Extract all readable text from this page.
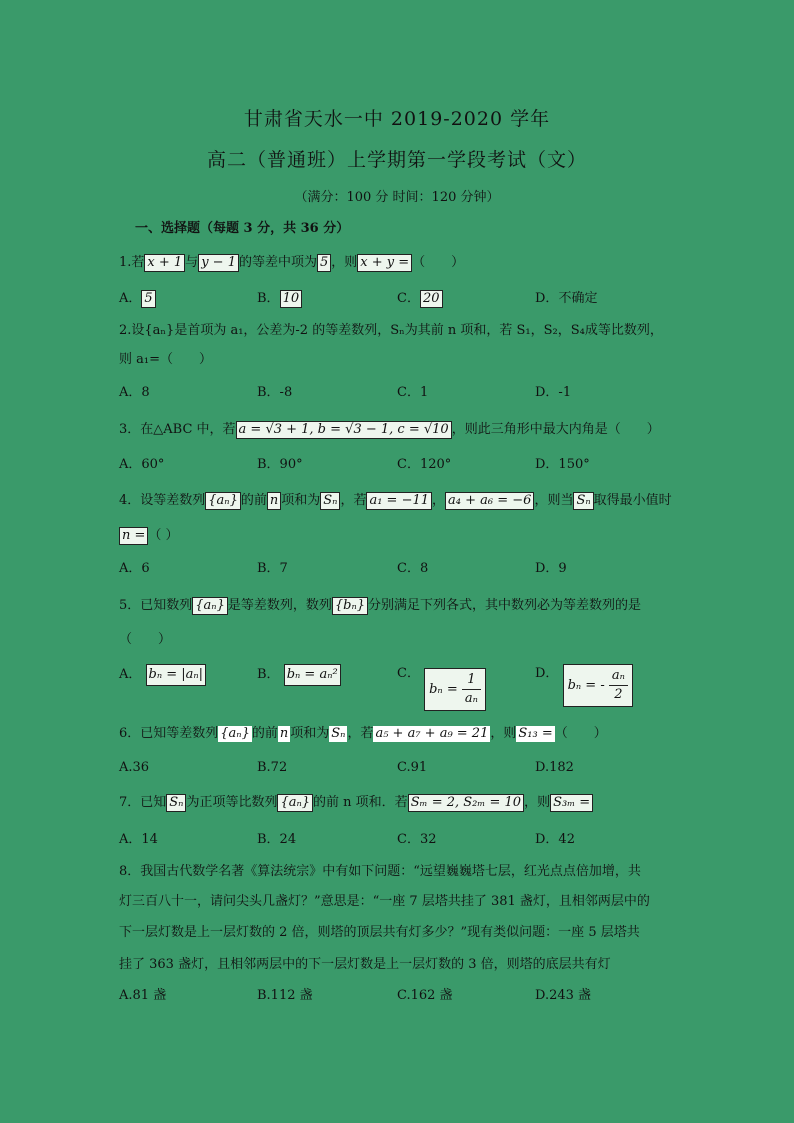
甘肃省天水一中 2019-2020 学年
高二（普通班）上学期第一学段考试（文）
（满分：100 分 时间：120 分钟）
一、选择题（每题 3 分，共 36 分）
1.若 x + 1 与 y − 1 的等差中项为 5 ，则 x + y = （　　）
A． 5	B． 10	C． 20	D．不确定
2.设{aₙ}是首项为 a₁，公差为-2 的等差数列，Sₙ为其前 n 项和，若 S₁，S₂，S₄成等比数列，
则 a₁=（　　）
A．8	B．-8	C．1	D．-1
3．在△ABC 中，若 a = √3 + 1, b = √3 − 1, c = √10 ，则此三角形中最大内角是（　　）
A．60°	B．90°	C．120°	D．150°
4．设等差数列 {aₙ} 的前 n 项和为 Sₙ ，若 a₁ = −11 ， a₄ + a₆ = −6 ，则当 Sₙ 取得最小值时
n = （ ）
A．6	B．7	C．8	D．9
5．已知数列 {aₙ} 是等差数列，数列 {bₙ} 分别满足下列各式，其中数列必为等差数列的是
（　　）
A． bₙ = |aₙ|	B． bₙ = aₙ²	C． $b_n = \frac{1}{\text{aₙ}}$	D． bₙ = - $\frac{\text{aₙ}}{2}$
6．已知等差数列 {aₙ} 的前 n 项和为 Sₙ ，若 a₅ + a₇ + a₉ = 21 ，则 S₁₃ = （　　）
A.36	B.72	C.91	D.182
7．已知 Sₙ 为正项等比数列 {aₙ} 的前 n 项和．若 Sₘ = 2, S₂ₘ = 10 ，则 S₃ₘ =
A．14	B．24	C．32	D．42
8．我国古代数学名著《算法统宗》中有如下问题：“远望巍巍塔七层，红光点点倍加增，共
灯三百八十一，请问尖头几盏灯？”意思是：“一座 7 层塔共挂了 381 盏灯，且相邻两层中的
下一层灯数是上一层灯数的 2 倍，则塔的顶层共有灯多少？”现有类似问题：一座 5 层塔共
挂了 363 盏灯，且相邻两层中的下一层灯数是上一层灯数的 3 倍，则塔的底层共有灯
A.81 盏	B.112 盏	C.162 盏	D.243 盏
